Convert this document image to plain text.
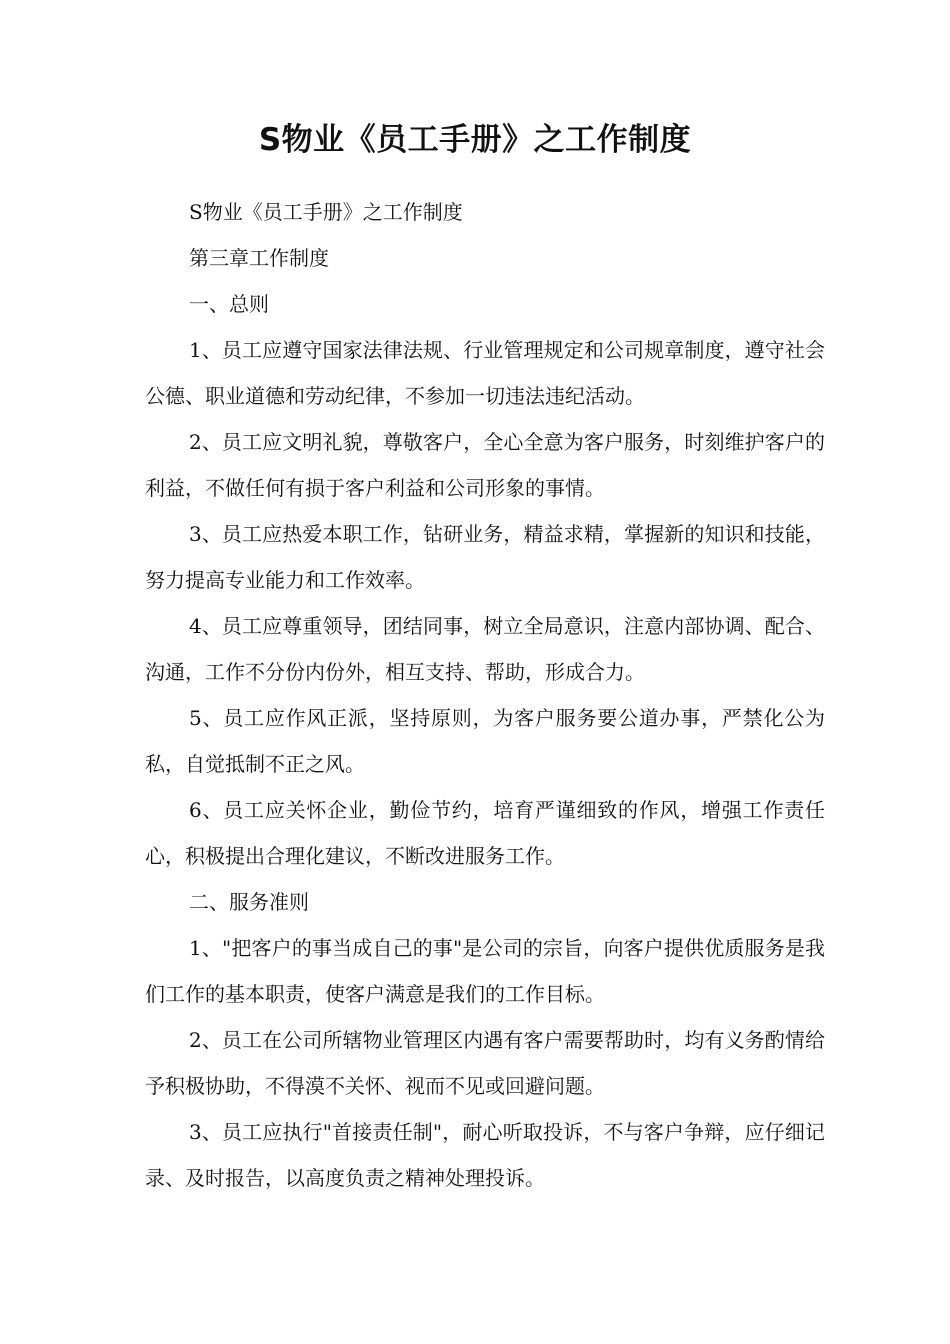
S物业《员工手册》之工作制度

S物业《员工手册》之工作制度

第三章工作制度

一、总则

1、员工应遵守国家法律法规、行业管理规定和公司规章制度，遵守社会公德、职业道德和劳动纪律，不参加一切违法违纪活动。

2、员工应文明礼貌，尊敬客户，全心全意为客户服务，时刻维护客户的利益，不做任何有损于客户利益和公司形象的事情。

3、员工应热爱本职工作，钻研业务，精益求精，掌握新的知识和技能，努力提高专业能力和工作效率。

4、员工应尊重领导，团结同事，树立全局意识，注意内部协调、配合、沟通，工作不分份内份外，相互支持、帮助，形成合力。

5、员工应作风正派，坚持原则，为客户服务要公道办事，严禁化公为私，自觉抵制不正之风。

6、员工应关怀企业，勤俭节约，培育严谨细致的作风，增强工作责任心，积极提出合理化建议，不断改进服务工作。

二、服务准则

1、"把客户的事当成自己的事"是公司的宗旨，向客户提供优质服务是我们工作的基本职责，使客户满意是我们的工作目标。

2、员工在公司所辖物业管理区内遇有客户需要帮助时，均有义务酌情给予积极协助，不得漠不关怀、视而不见或回避问题。

3、员工应执行"首接责任制"，耐心听取投诉，不与客户争辩，应仔细记录、及时报告，以高度负责之精神处理投诉。
